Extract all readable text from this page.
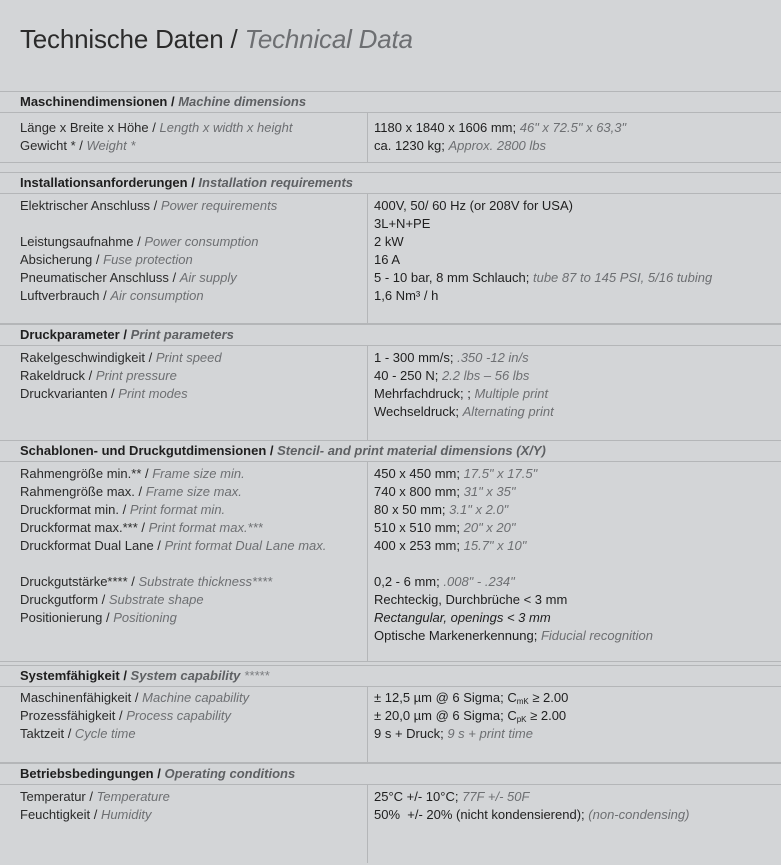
Technische Daten / Technical Data
Maschinendimensionen / Machine dimensions
Länge x Breite x Höhe / Length x width x height	1180 x 1840 x 1606 mm; 46" x 72.5" x 63,3"
Gewicht * / Weight *	ca. 1230 kg; Approx. 2800 lbs
Installationsanforderungen / Installation requirements
Elektrischer Anschluss / Power requirements	400V, 50/ 60 Hz (or 208V for USA)
3L+N+PE
Leistungsaufnahme / Power consumption	2 kW
Absicherung / Fuse protection	16 A
Pneumatischer Anschluss / Air supply	5 - 10 bar, 8 mm Schlauch; tube 87 to 145 PSI, 5/16 tubing
Luftverbrauch / Air consumption	1,6 Nm³ / h
Druckparameter / Print parameters
Rakelgeschwindigkeit / Print speed	1 - 300 mm/s; .350 -12 in/s
Rakeldruck / Print pressure	40 - 250 N; 2.2 lbs – 56 lbs
Druckvarianten / Print modes	Mehrfachdruck; ; Multiple print
Wechseldruck; Alternating print
Schablonen- und Druckgutdimensionen / Stencil- and print material dimensions (X/Y)
Rahmengröße min.** / Frame size min.	450 x 450 mm; 17.5" x 17.5"
Rahmengröße max. / Frame size max.	740 x 800 mm; 31" x 35"
Druckformat min. / Print format min.	80 x 50 mm; 3.1" x 2.0"
Druckformat max.*** / Print format max.***	510 x 510 mm; 20" x 20"
Druckformat Dual Lane / Print format Dual Lane max.	400 x 253 mm; 15.7" x 10"
Druckgutstärke**** / Substrate thickness****	0,2 - 6 mm; .008" - .234"
Druckgutform / Substrate shape	Rechteckig, Durchbrüche < 3 mm
Positionierung / Positioning	Rectangular, openings < 3 mm
Optische Markenerkennung; Fiducial recognition
Systemfähigkeit / System capability *****
Maschinenfähigkeit / Machine capability	± 12,5 µm @ 6 Sigma; $C_{mK} \ge 2.00$
Prozessfähigkeit / Process capability	± 20,0 µm @ 6 Sigma; $C_{pK} \ge 2.00$
Taktzeit / Cycle time	9 s + Druck; 9 s + print time
Betriebsbedingungen / Operating conditions
Temperatur / Temperature	25°C +/- 10°C; 77F +/- 50F
Feuchtigkeit / Humidity	50%  +/- 20% (nicht kondensierend); (non-condensing)
